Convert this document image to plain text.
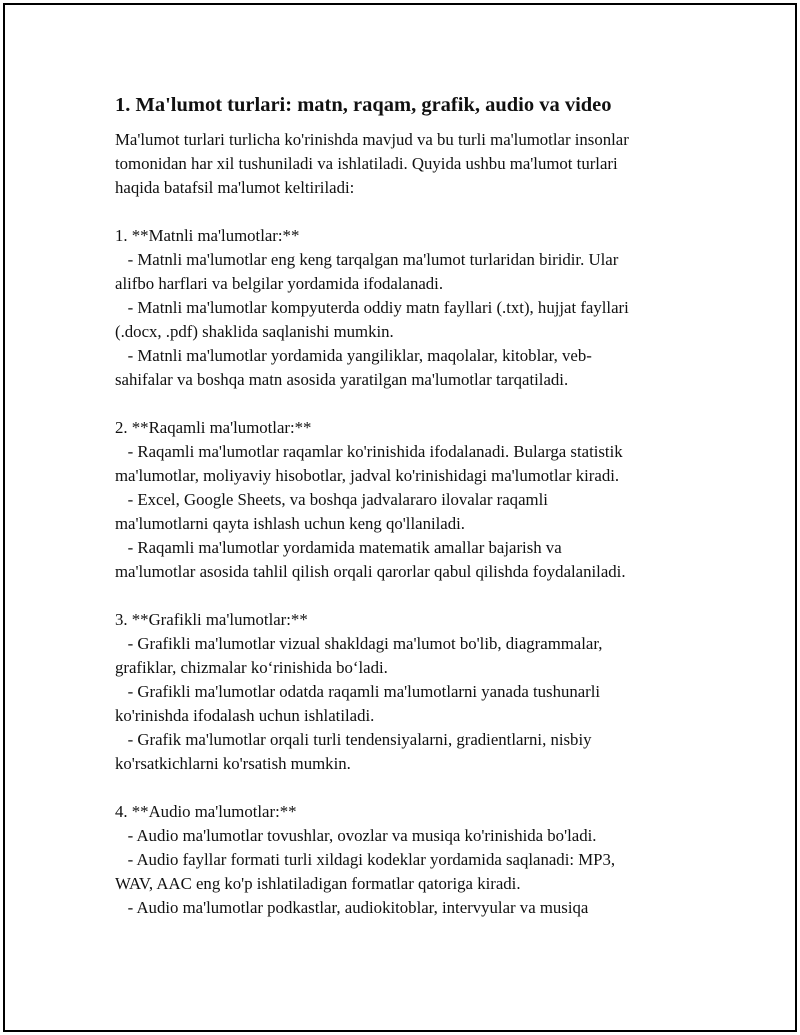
1. Ma'lumot turlari: matn, raqam, grafik, audio va video

Ma'lumot turlari turlicha ko'rinishda mavjud va bu turli ma'lumotlar insonlar

tomonidan har xil tushuniladi va ishlatiladi. Quyida ushbu ma'lumot turlari

haqida batafsil ma'lumot keltiriladi:

1. **Matnli ma'lumotlar:**

- Matnli ma'lumotlar eng keng tarqalgan ma'lumot turlaridan biridir. Ular

alifbo harflari va belgilar yordamida ifodalanadi.

- Matnli ma'lumotlar kompyuterda oddiy matn fayllari (.txt), hujjat fayllari

(.docx, .pdf) shaklida saqlanishi mumkin.

- Matnli ma'lumotlar yordamida yangiliklar, maqolalar, kitoblar, veb-

sahifalar va boshqa matn asosida yaratilgan ma'lumotlar tarqatiladi.

2. **Raqamli ma'lumotlar:**

- Raqamli ma'lumotlar raqamlar ko'rinishida ifodalanadi. Bularga statistik

ma'lumotlar, moliyaviy hisobotlar, jadval ko'rinishidagi ma'lumotlar kiradi.

- Excel, Google Sheets, va boshqa jadvalararo ilovalar raqamli

ma'lumotlarni qayta ishlash uchun keng qo'llaniladi.

- Raqamli ma'lumotlar yordamida matematik amallar bajarish va

ma'lumotlar asosida tahlil qilish orqali qarorlar qabul qilishda foydalaniladi.

3. **Grafikli ma'lumotlar:**

- Grafikli ma'lumotlar vizual shakldagi ma'lumot bo'lib, diagrammalar,

grafiklar, chizmalar ko‘rinishida bo‘ladi.

- Grafikli ma'lumotlar odatda raqamli ma'lumotlarni yanada tushunarli

ko'rinishda ifodalash uchun ishlatiladi.

- Grafik ma'lumotlar orqali turli tendensiyalarni, gradientlarni, nisbiy

ko'rsatkichlarni ko'rsatish mumkin.

4. **Audio ma'lumotlar:**

- Audio ma'lumotlar tovushlar, ovozlar va musiqa ko'rinishida bo'ladi.

- Audio fayllar formati turli xildagi kodeklar yordamida saqlanadi: MP3,

WAV, AAC eng ko'p ishlatiladigan formatlar qatoriga kiradi.

- Audio ma'lumotlar podkastlar, audiokitoblar, intervyular va musiqa
